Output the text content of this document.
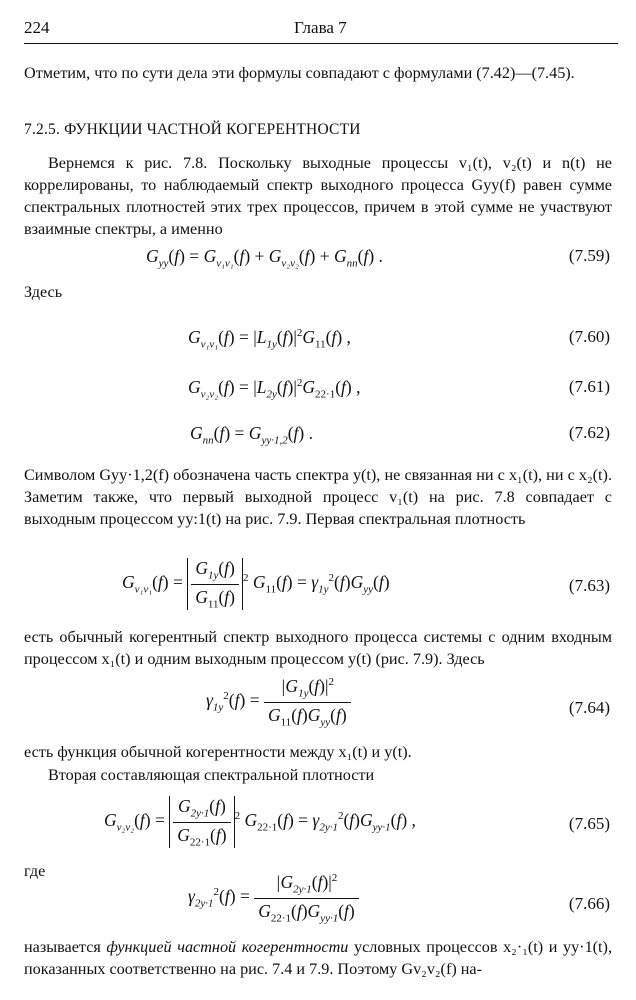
224	Глава 7
Отметим, что по сути дела эти формулы совпадают с формулами (7.42)—(7.45).
7.2.5. ФУНКЦИИ ЧАСТНОЙ КОГЕРЕНТНОСТИ
Вернемся к рис. 7.8. Поскольку выходные процессы v₁(t), v₂(t) и n(t) не коррелированы, то наблюдаемый спектр выходного процесса Gyy(f) равен сумме спектральных плотностей этих трех процессов, причем в этой сумме не участвуют взаимные спектры, а именно
$G_{yy}(f) = G_{v_1v_1}(f) + G_{v_2v_2}(f) + G_{nn}(f)$ .	(7.59)
Здесь
$G_{v_1v_1}(f) = |L_{1y}(f)|^2G_{11}(f)$ ,	(7.60)
$G_{v_2v_2}(f) = |L_{2y}(f)|^2G_{22\cdot 1}(f)$ ,	(7.61)
$G_{nn}(f) = G_{yy\cdot 1,2}(f)$ .	(7.62)
Символом Gyy·1,2(f) обозначена часть спектра y(t), не связанная ни с x₁(t), ни с x₂(t). Заметим также, что первый выходной процесс v₁(t) на рис. 7.8 совпадает с выходным процессом yy:1(t) на рис. 7.9. Первая спектральная плотность
$G_{v_1v_1}(f) = \frac{G_{1y}(f)}{G_{11}(f)} ^2$ $G_{11}(f) = \gamma_{1y}^2(f)G_{yy}(f)$	(7.63)
есть обычный когерентный спектр выходного процесса системы с одним входным процессом x₁(t) и одним выходным процессом y(t) (рис. 7.9). Здесь
$\gamma_{1y}^2(f) = \frac{|G_{1y}(f)|^2}{G_{11}(f)G_{yy}(f)}$	(7.64)
есть функция обычной когерентности между x₁(t) и y(t).
Вторая составляющая спектральной плотности
$G_{v_2v_2}(f) = \frac{G_{2y\cdot 1}(f)}{G_{22\cdot 1}(f)} ^2$ $G_{22\cdot 1}(f) = \gamma_{2y\cdot 1}^2(f)G_{yy\cdot 1}(f)$ ,	(7.65)
где
$\gamma_{2y\cdot 1}^2(f) = \frac{|G_{2y\cdot 1}(f)|^2}{G_{22\cdot 1}(f)G_{yy\cdot 1}(f)}$	(7.66)
называется функцией частной когерентности условных процессов x₂·₁(t) и yy·1(t), показанных соответственно на рис. 7.4 и 7.9. Поэтому Gv₂v₂(f) на-
